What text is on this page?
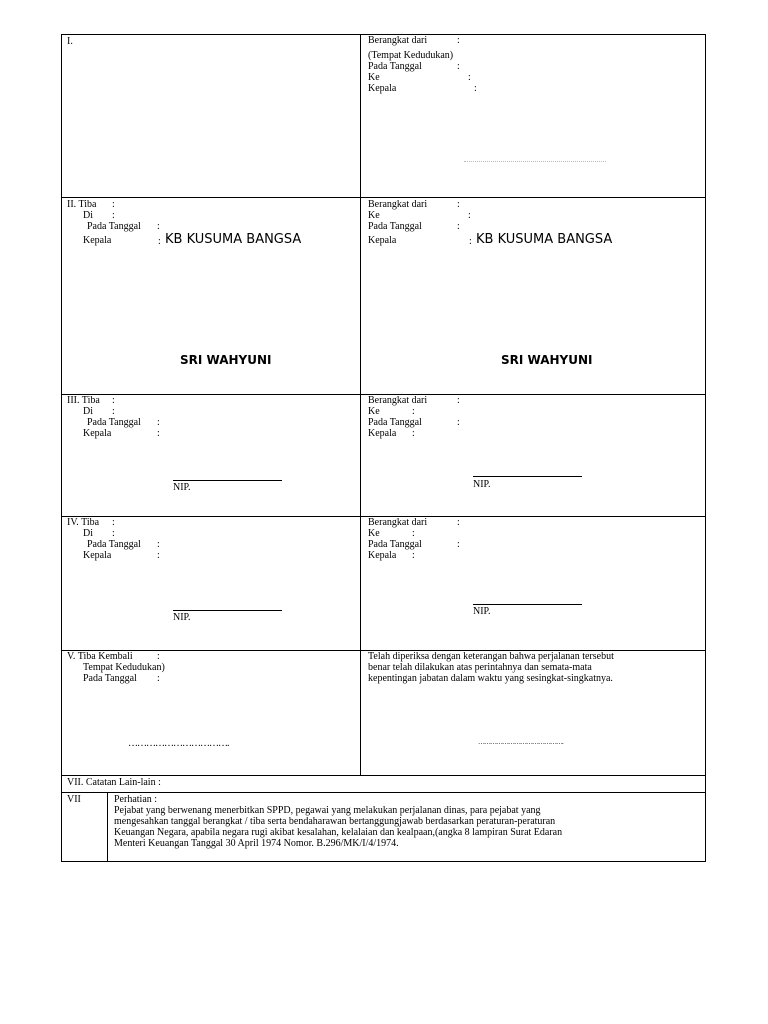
I.	Berangkat dari	:
(Tempat Kedudukan)
Pada Tanggal	:
Ke	:
Kepala	:
II. Tiba :
Di :
Pada Tanggal :
Kepala	: KB KUSUMA BANGSA
SRI WAHYUNI
Berangkat dari	:
Ke	:
Pada Tanggal	:
Kepala	: KB KUSUMA BANGSA
SRI WAHYUNI
III. Tiba :
Di :
Pada Tanggal :
Kepala	:
NIP.
Berangkat dari	:
Ke	:
Pada Tanggal	:
Kepala :
NIP.
IV. Tiba :
Di :
Pada Tanggal :
Kepala	:
NIP.
Berangkat dari	:
Ke	:
Pada Tanggal	:
Kepala :
NIP.
V. Tiba Kembali :
Tempat Kedudukan)
Pada Tanggal :
…………………………….
Telah diperiksa dengan keterangan bahwa perjalanan tersebut
benar telah dilakukan atas perintahnya dan semata-mata
kepentingan jabatan dalam waktu yang sesingkat-singkatnya.
…………………………………….
VII. Catatan Lain-lain :
VII	Perhatian :
Pejabat yang berwenang menerbitkan SPPD, pegawai yang melakukan perjalanan dinas, para pejabat yang
mengesahkan tanggal berangkat / tiba serta bendaharawan bertanggungjawab berdasarkan peraturan-peraturan
Keuangan Negara, apabila negara rugi akibat kesalahan, kelalaian dan kealpaan,(angka 8 lampiran Surat Edaran
Menteri Keuangan Tanggal 30 April 1974 Nomor. B.296/MK/I/4/1974.
